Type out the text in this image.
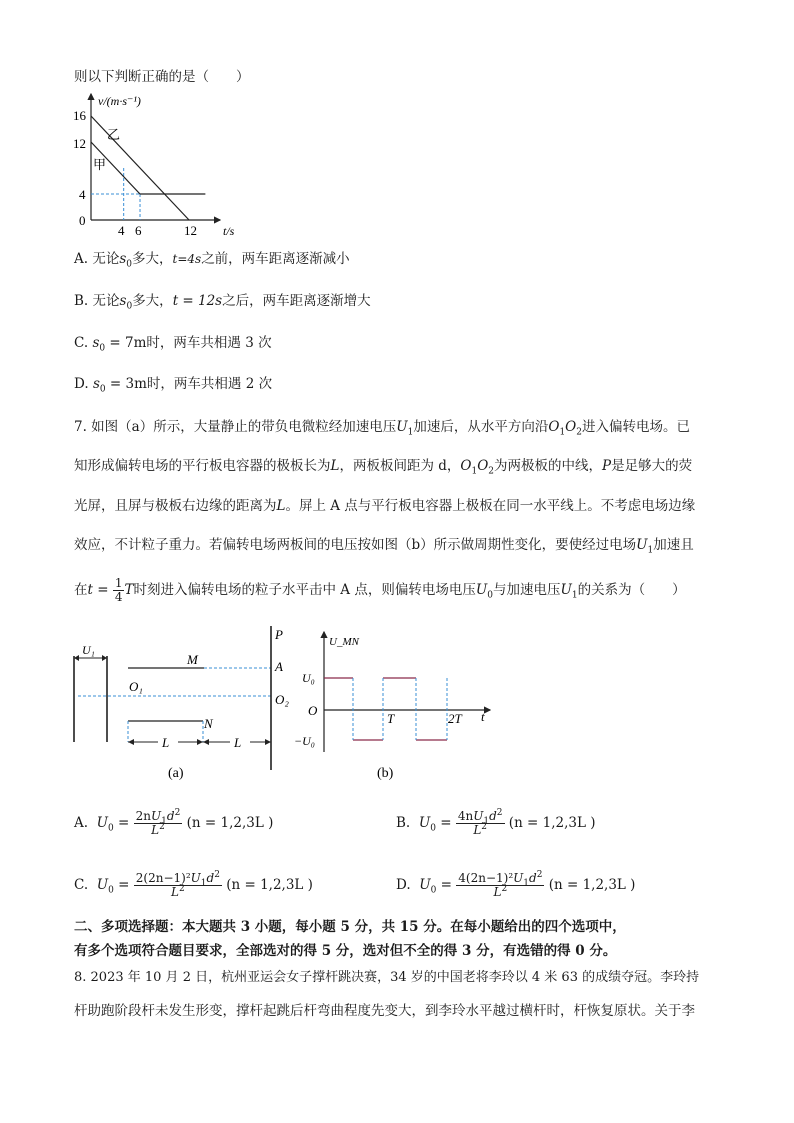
则以下判断正确的是（　　）
v/(m·s⁻¹)
t/s
16
12
4
0
4 6	12
乙
甲
A. 无论$s_0$多大，t=4s之前，两车距离逐渐减小
B. 无论$s_0$多大，t = 12s之后，两车距离逐渐增大
C. $s_0 = 7m$时，两车共相遇 3 次
D. $s_0 = 3m$时，两车共相遇 2 次
7. 如图（a）所示，大量静止的带负电微粒经加速电压$U_1$加速后，从水平方向沿$O_1O_2$进入偏转电场。已
知形成偏转电场的平行板电容器的极板长为L，两板板间距为 d，$O_1O_2$为两极板的中线，P是足够大的荧
光屏，且屏与极板右边缘的距离为L。屏上 A 点与平行板电容器上极板在同一水平线上。不考虑电场边缘
效应，不计粒子重力。若偏转电场两板间的电压按如图（b）所示做周期性变化，要使经过电场$U_1$加速且
在$t = \frac{1}{4}$ T时刻进入偏转电场的粒子水平击中 A 点，则偏转电场电压$U_0$与加速电压$U_1$的关系为（　　）
U₁
M
O₁
N
L	L
P
A
O₂
(a)
U_MN
U₀
O
T	2T t
−U₀
(b)
A. $U_0 = \frac{2nU_1d^2}{L^2} (n = 1,2,3L$ )	B. $U_0 = \frac{4nU_1d^2}{L^2} (n = 1,2,3L$ )
C. $U_0 = \frac{2(2n-1)^2U_1d^2}{L^2} (n = 1,2,3L$ )	D. $U_0 = \frac{4(2n-1)^2U_1d^2}{L^2} (n = 1,2,3L$ )
二、多项选择题：本大题共 3 小题，每小题 5 分，共 15 分。在每小题给出的四个选项中，
有多个选项符合题目要求，全部选对的得 5 分，选对但不全的得 3 分，有选错的得 0 分。
8. 2023 年 10 月 2 日，杭州亚运会女子撑杆跳决赛，34 岁的中国老将李玲以 4 米 63 的成绩夺冠。李玲持
杆助跑阶段杆未发生形变，撑杆起跳后杆弯曲程度先变大，到李玲水平越过横杆时，杆恢复原状。关于李
